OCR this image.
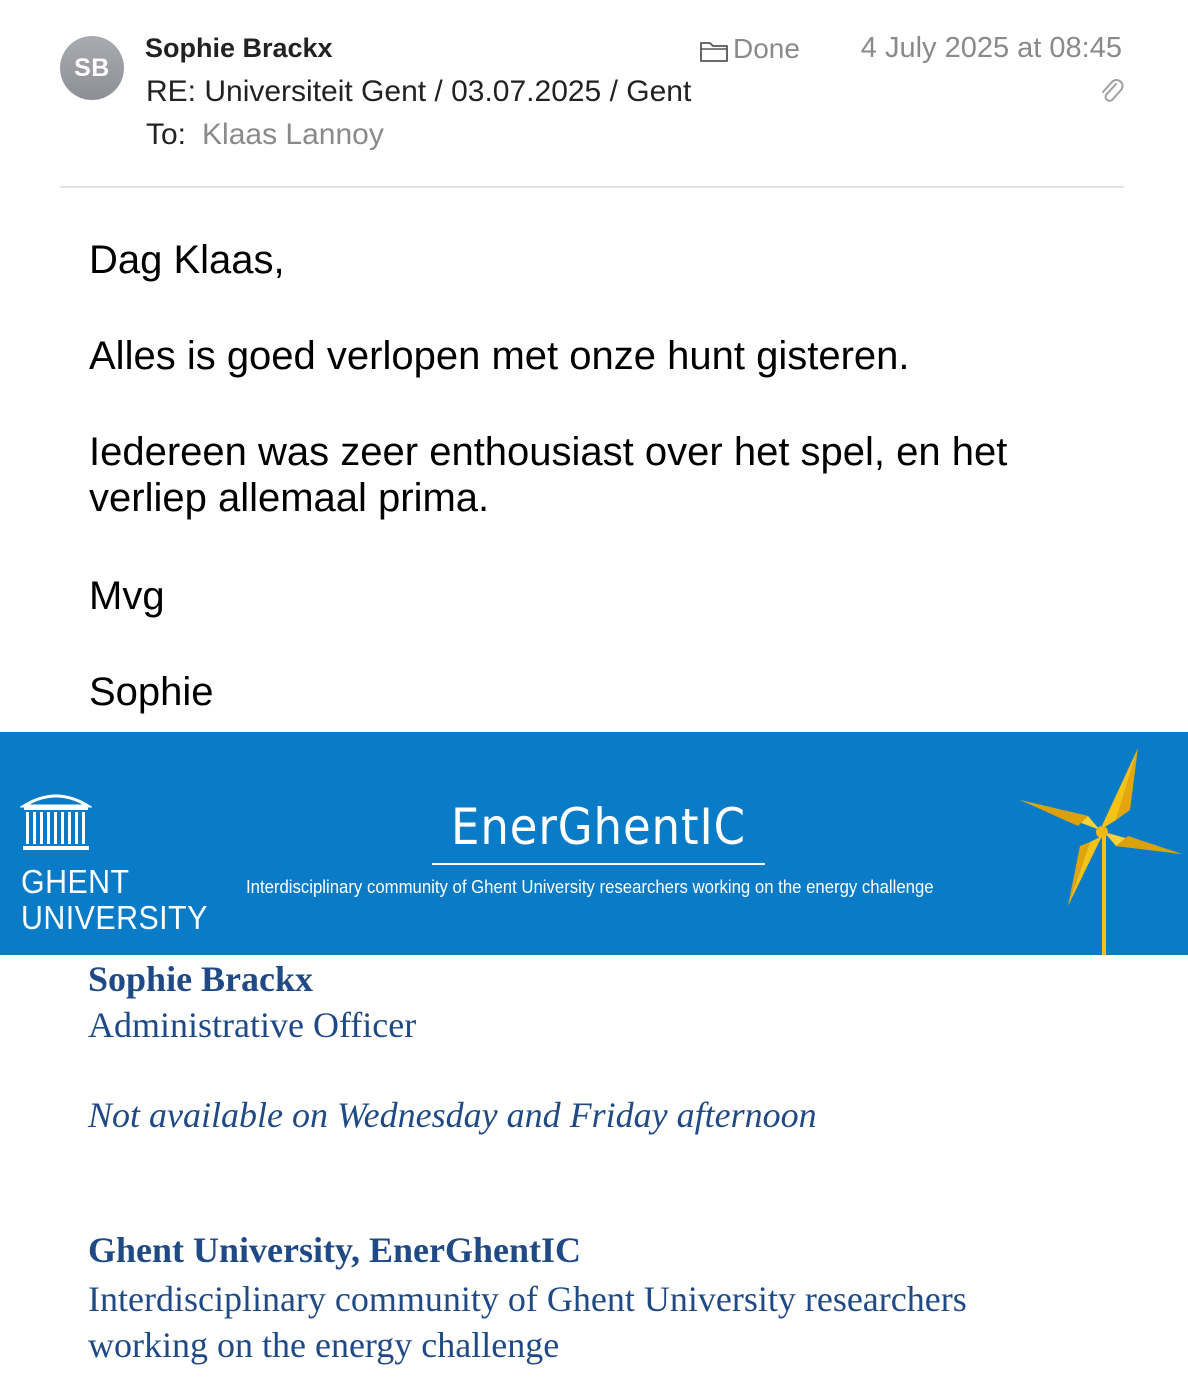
SB
Sophie Brackx	Done 4 July 2025 at 08:45
RE: Universiteit Gent / 03.07.2025 / Gent
To: Klaas Lannoy

Dag Klaas,

Alles is goed verlopen met onze hunt gisteren.

Iedereen was zeer enthousiast over het spel, en het

verliep allemaal prima.

Mvg

Sophie

GHENT
UNIVERSITY
EnerGhentIC
Interdisciplinary community of Ghent University researchers working on the energy challenge

Sophie Brackx

Administrative Officer

Not available on Wednesday and Friday afternoon

Ghent University, EnerGhentIC

Interdisciplinary community of Ghent University researchers
working on the energy challenge
